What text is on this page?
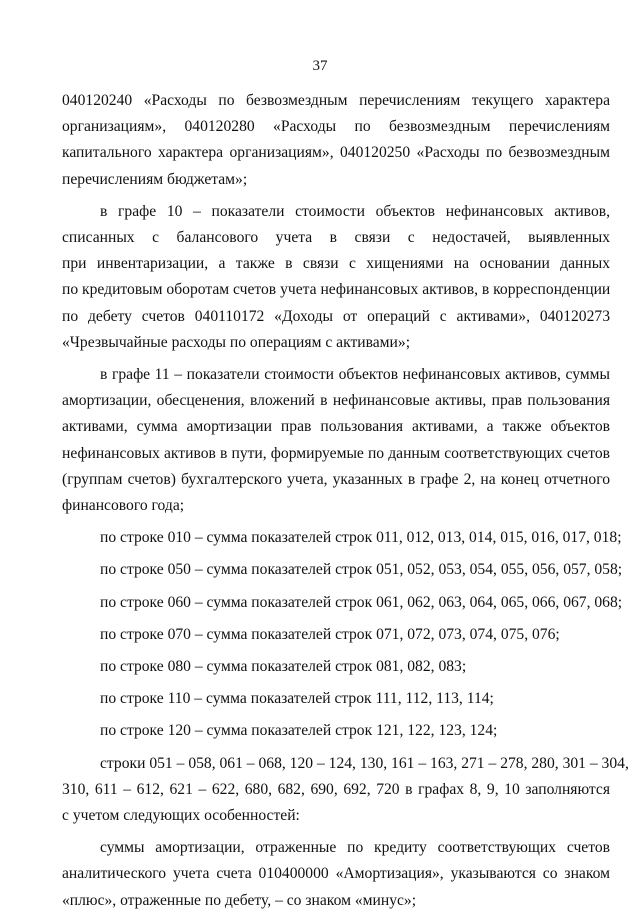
37
040120240 «Расходы по безвозмездным перечислениям текущего характера
организациям», 040120280 «Расходы по безвозмездным перечислениям
капитального характера организациям», 040120250 «Расходы по безвозмездным
перечислениям бюджетам»;
в графе 10 – показатели стоимости объектов нефинансовых активов,
списанных с балансового учета в связи с недостачей, выявленных
при инвентаризации, а также в связи с хищениями на основании данных
по кредитовым оборотам счетов учета нефинансовых активов, в корреспонденции
по дебету счетов 040110172 «Доходы от операций с активами», 040120273
«Чрезвычайные расходы по операциям с активами»;
в графе 11 – показатели стоимости объектов нефинансовых активов, суммы
амортизации, обесценения, вложений в нефинансовые активы, прав пользования
активами, сумма амортизации прав пользования активами, а также объектов
нефинансовых активов в пути, формируемые по данным соответствующих счетов
(группам счетов) бухгалтерского учета, указанных в графе 2, на конец отчетного
финансового года;
по строке 010 – сумма показателей строк 011, 012, 013, 014, 015, 016, 017, 018;
по строке 050 – сумма показателей строк 051, 052, 053, 054, 055, 056, 057, 058;
по строке 060 – сумма показателей строк 061, 062, 063, 064, 065, 066, 067, 068;
по строке 070 – сумма показателей строк 071, 072, 073, 074, 075, 076;
по строке 080 – сумма показателей строк 081, 082, 083;
по строке 110 – сумма показателей строк 111, 112, 113, 114;
по строке 120 – сумма показателей строк 121, 122, 123, 124;
строки 051 – 058, 061 – 068, 120 – 124, 130, 161 – 163, 271 – 278, 280, 301 – 304,
310, 611 – 612, 621 – 622, 680, 682, 690, 692, 720 в графах 8, 9, 10 заполняются
с учетом следующих особенностей:
суммы амортизации, отраженные по кредиту соответствующих счетов
аналитического учета счета 010400000 «Амортизация», указываются со знаком
«плюс», отраженные по дебету, – со знаком «минус»;
